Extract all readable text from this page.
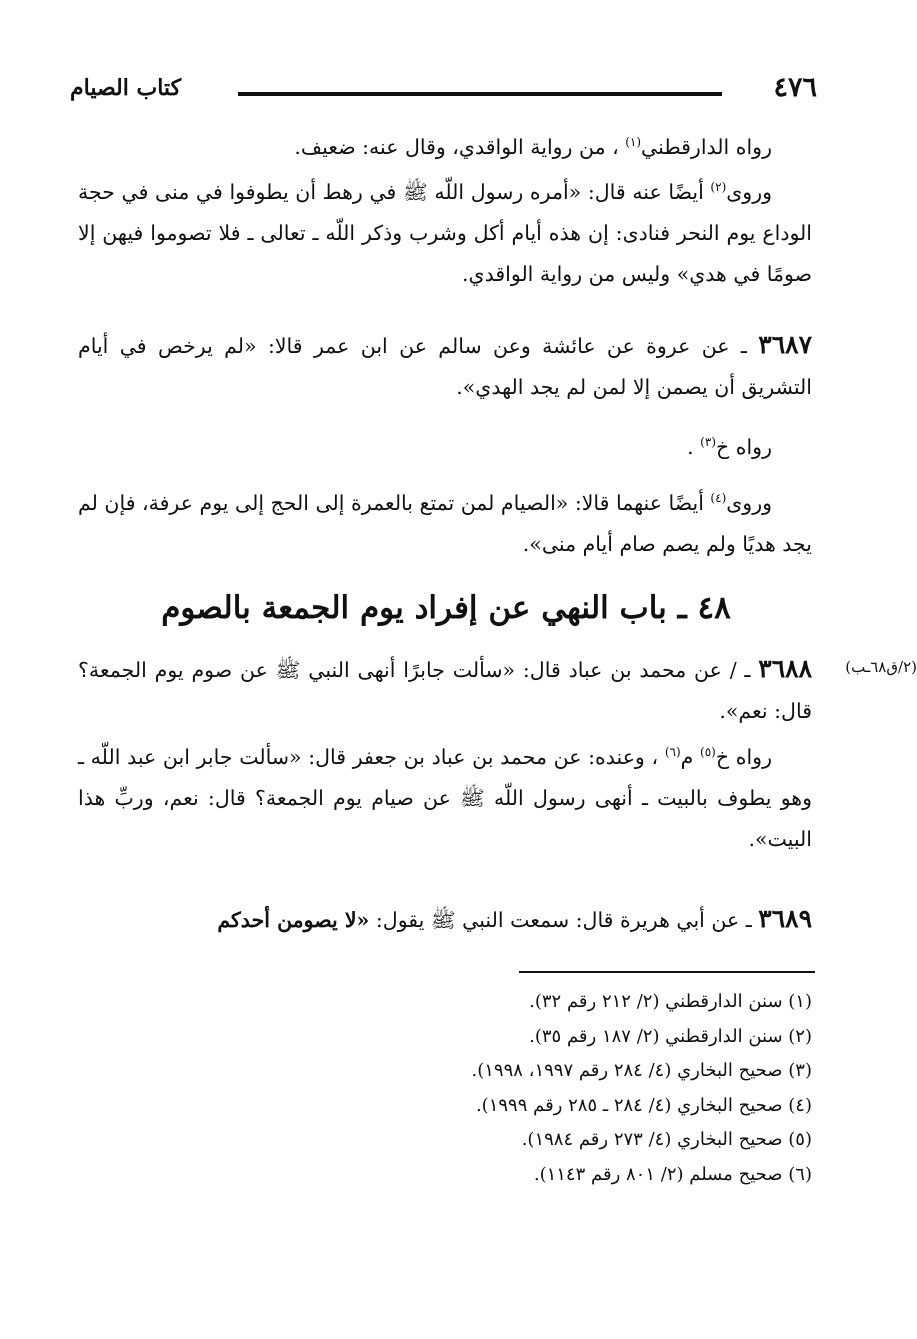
٤٧٦
كتاب الصيام

رواه الدارقطني$^{(١)}$ ، من رواية الواقدي، وقال عنه: ضعيف.

وروى$^{(٢)}$ أيضًا عنه قال: «أمره رسول اللّه ﷺ في رهط أن يطوفوا في منى في حجة الوداع يوم النحر فنادى: إن هذه أيام أكل وشرب وذكر اللّه ـ تعالى ـ فلا تصوموا فيهن إلا صومًا في هدي» وليس من رواية الواقدي.

٣٦٨٧ ـ عن عروة عن عائشة وعن سالم عن ابن عمر قالا: «لم يرخص في أيام التشريق أن يصمن إلا لمن لم يجد الهدي».

رواه خ$^{(٣)}$ .

وروى$^{(٤)}$ أيضًا عنهما قالا: «الصيام لمن تمتع بالعمرة إلى الحج إلى يوم عرفة، فإن لم يجد هديًا ولم يصم صام أيام منى».

٤٨ ـ باب النهي عن إفراد يوم الجمعة بالصوم
(٢/ق٦٨ـب)

٣٦٨٨ ـ / عن محمد بن عباد قال: «سألت جابرًا أنهى النبي ﷺ عن صوم يوم الجمعة؟ قال: نعم».

رواه خ$^{(٥)}$ م$^{(٦)}$ ، وعنده: عن محمد بن عباد بن جعفر قال: «سألت جابر ابن عبد اللّه ـ وهو يطوف بالبيت ـ أنهى رسول اللّه ﷺ عن صيام يوم الجمعة؟ قال: نعم، وربِّ هذا البيت».

٣٦٨٩ ـ عن أبي هريرة قال: سمعت النبي ﷺ يقول: «لا يصومن أحدكم

(١) سنن الدارقطني (٢/ ٢١٢ رقم ٣٢).
(٢) سنن الدارقطني (٢/ ١٨٧ رقم ٣٥).
(٣) صحيح البخاري (٤/ ٢٨٤ رقم ١٩٩٧، ١٩٩٨).
(٤) صحيح البخاري (٤/ ٢٨٤ ـ ٢٨٥ رقم ١٩٩٩).
(٥) صحيح البخاري (٤/ ٢٧٣ رقم ١٩٨٤).
(٦) صحيح مسلم (٢/ ٨٠١ رقم ١١٤٣).
